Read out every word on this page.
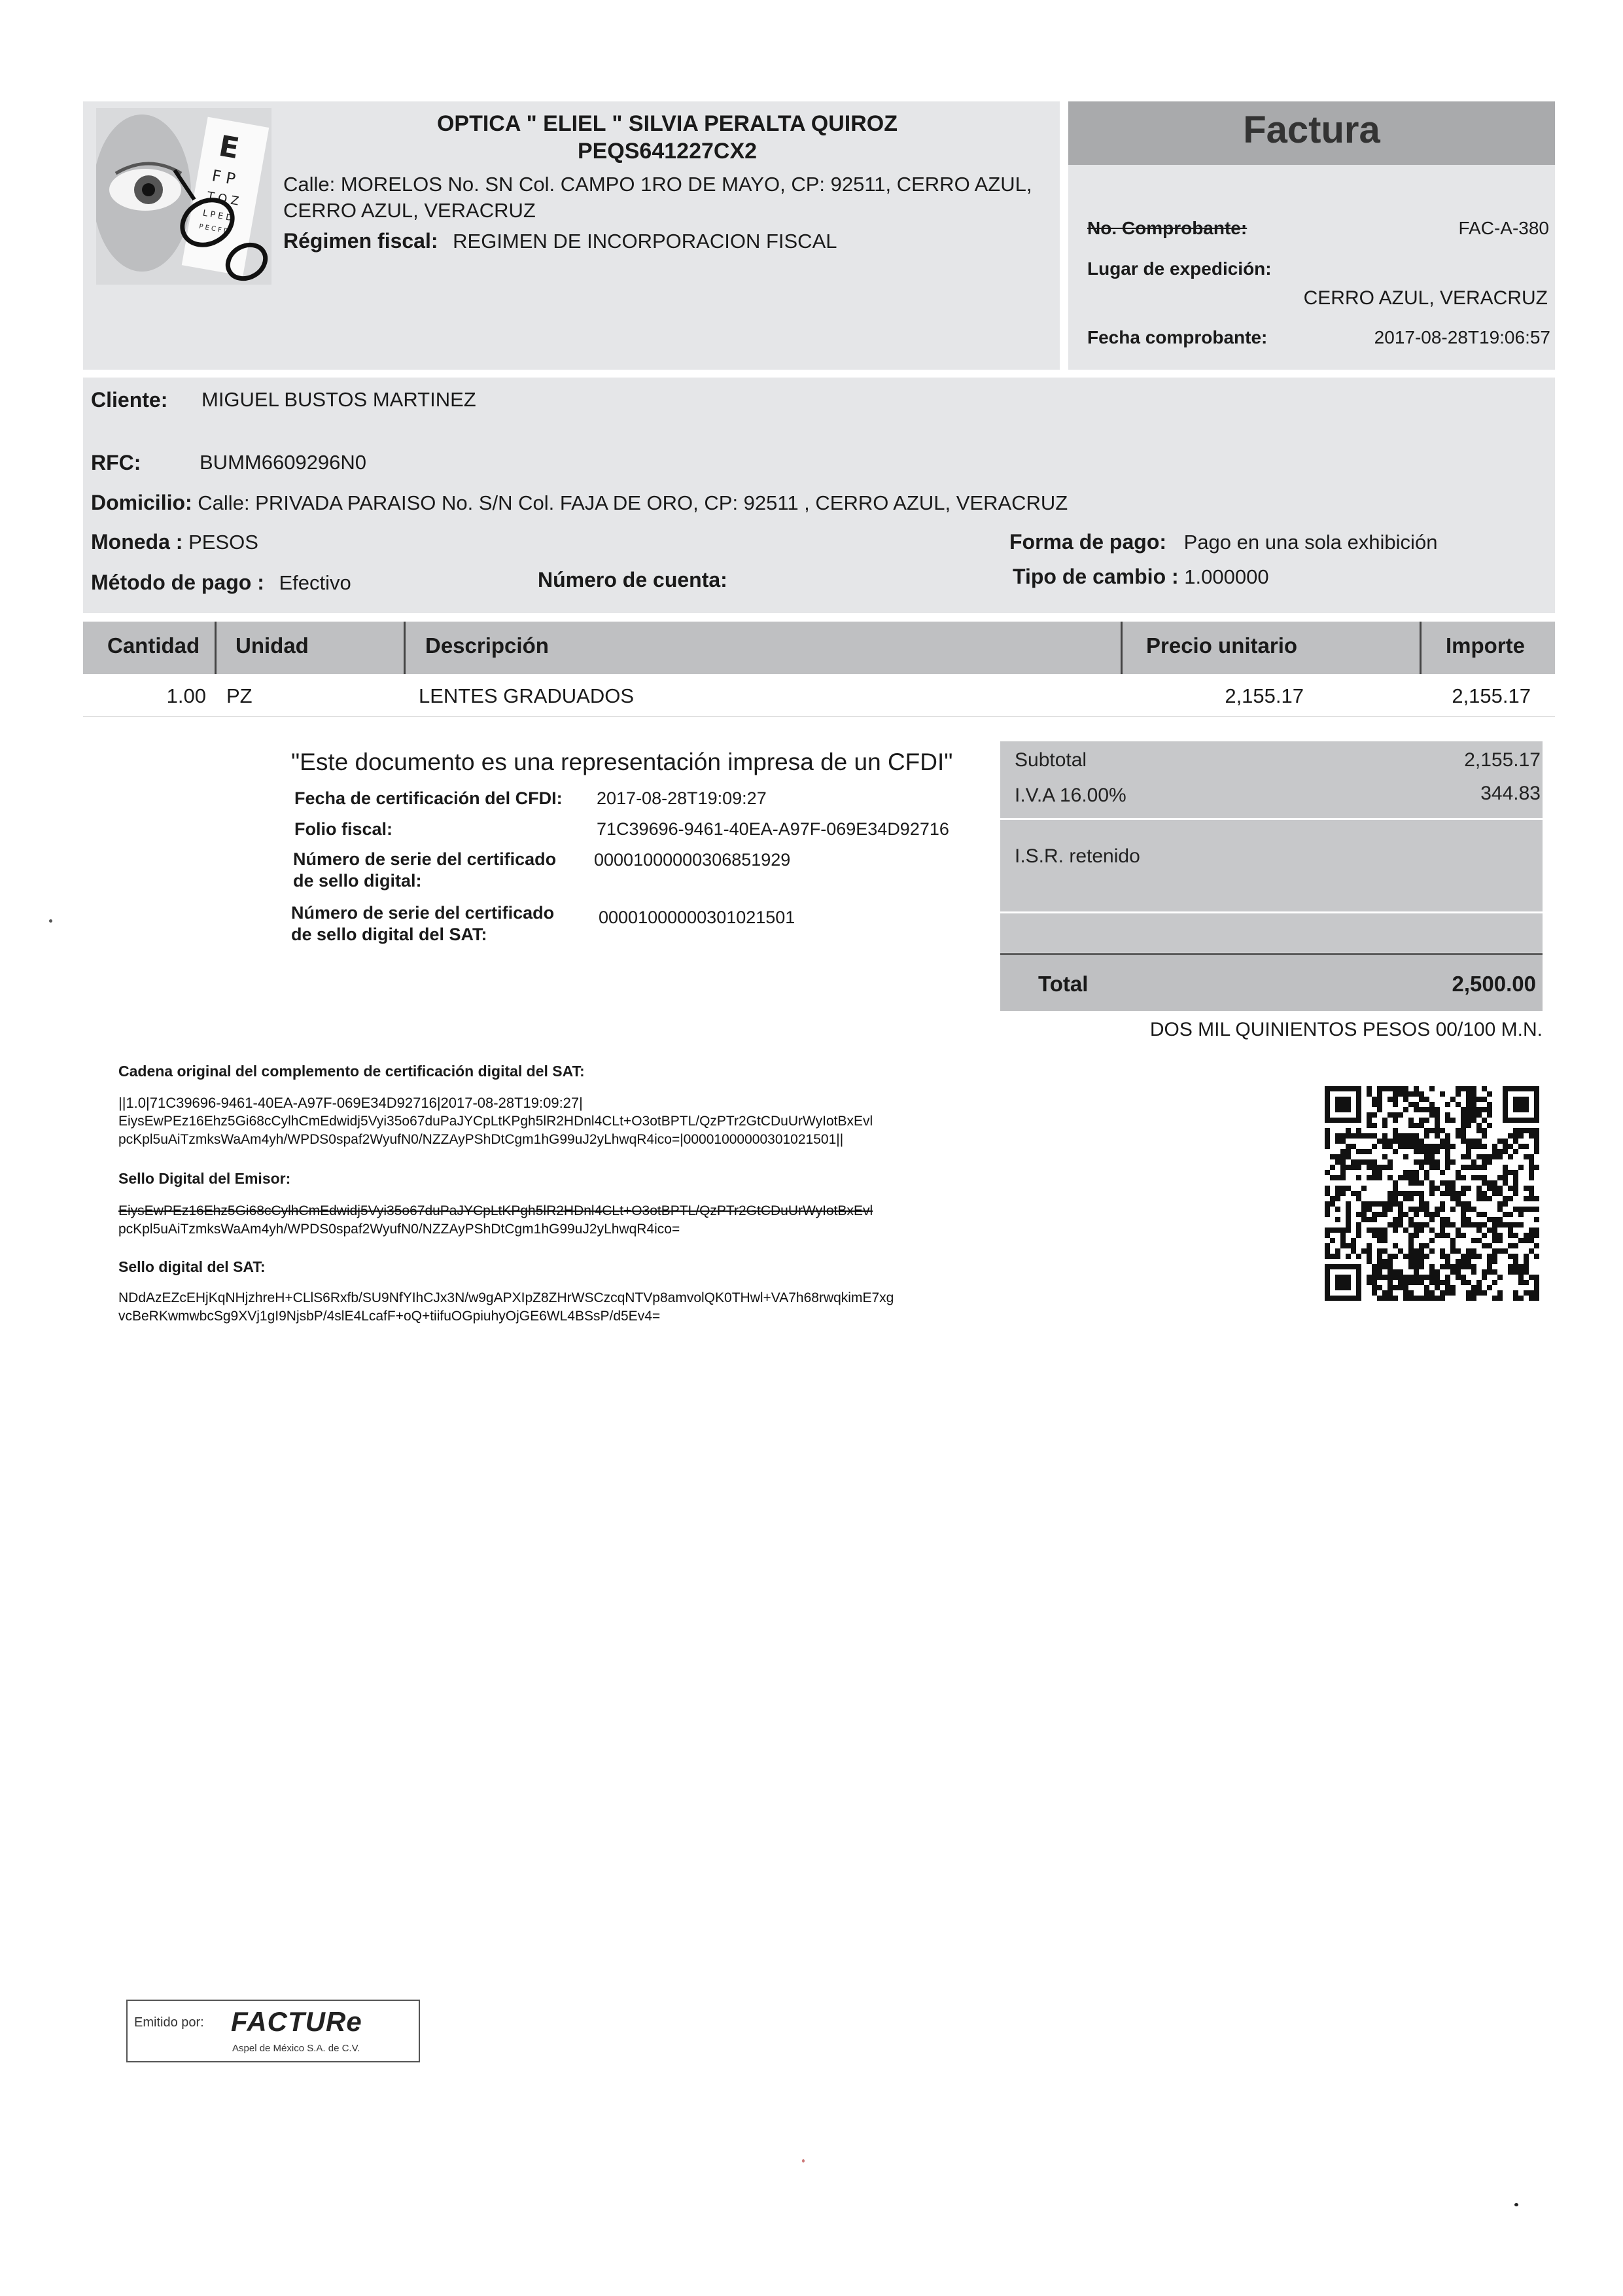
E
F P
T O Z
L P E D
P E C F D
OPTICA " ELIEL " SILVIA PERALTA QUIROZ
PEQS641227CX2
Calle: MORELOS No. SN Col. CAMPO 1RO DE MAYO, CP: 92511, CERRO AZUL,
CERRO AZUL, VERACRUZ
Régimen fiscal: REGIMEN DE INCORPORACION FISCAL
Factura
No. Comprobante:	FAC-A-380
Lugar de expedición:
CERRO AZUL, VERACRUZ
Fecha comprobante:	2017-08-28T19:06:57
Cliente: MIGUEL BUSTOS MARTINEZ
RFC:	BUMM6609296N0
Domicilio: Calle: PRIVADA PARAISO No. S/N Col. FAJA DE ORO, CP: 92511 , CERRO AZUL, VERACRUZ
Moneda : PESOS	Forma de pago: Pago en una sola exhibición
Método de pago : Efectivo	Número de cuenta:	Tipo de cambio : 1.000000
Cantidad Unidad	Descripción	Precio unitario	Importe
1.00 PZ	LENTES GRADUADOS	2,155.17	2,155.17
"Este documento es una representación impresa de un CFDI"
Fecha de certificación del CFDI: 2017-08-28T19:09:27
Folio fiscal:	71C39696-9461-40EA-A97F-069E34D92716
Número de serie del certificado
de sello digital:
00001000000306851929
Número de serie del certificado
de sello digital del SAT:
00001000000301021501
Subtotal	2,155.17
I.V.A 16.00%	344.83
I.S.R. retenido
Total	2,500.00
DOS MIL QUINIENTOS PESOS 00/100 M.N.
Cadena original del complemento de certificación digital del SAT:
||1.0|71C39696-9461-40EA-A97F-069E34D92716|2017-08-28T19:09:27|
EiysEwPEz16Ehz5Gi68cCylhCmEdwidj5Vyi35o67duPaJYCpLtKPgh5lR2HDnl4CLt+O3otBPTL/QzPTr2GtCDuUrWyIotBxEvl
pcKpl5uAiTzmksWaAm4yh/WPDS0spaf2WyufN0/NZZAyPShDtCgm1hG99uJ2yLhwqR4ico=|00001000000301021501||
Sello Digital del Emisor:
EiysEwPEz16Ehz5Gi68cCylhCmEdwidj5Vyi35o67duPaJYCpLtKPgh5lR2HDnl4CLt+O3otBPTL/QzPTr2GtCDuUrWyIotBxEvl
pcKpl5uAiTzmksWaAm4yh/WPDS0spaf2WyufN0/NZZAyPShDtCgm1hG99uJ2yLhwqR4ico=
Sello digital del SAT:
NDdAzEZcEHjKqNHjzhreH+CLlS6Rxfb/SU9NfYIhCJx3N/w9gAPXIpZ8ZHrWSCzcqNTVp8amvolQK0THwl+VA7h68rwqkimE7xg
vcBeRKwmwbcSg9XVj1gI9NjsbP/4slE4LcafF+oQ+tiifuOGpiuhyOjGE6WL4BSsP/d5Ev4=
Emitido por: FACTURe
Aspel de México S.A. de C.V.
